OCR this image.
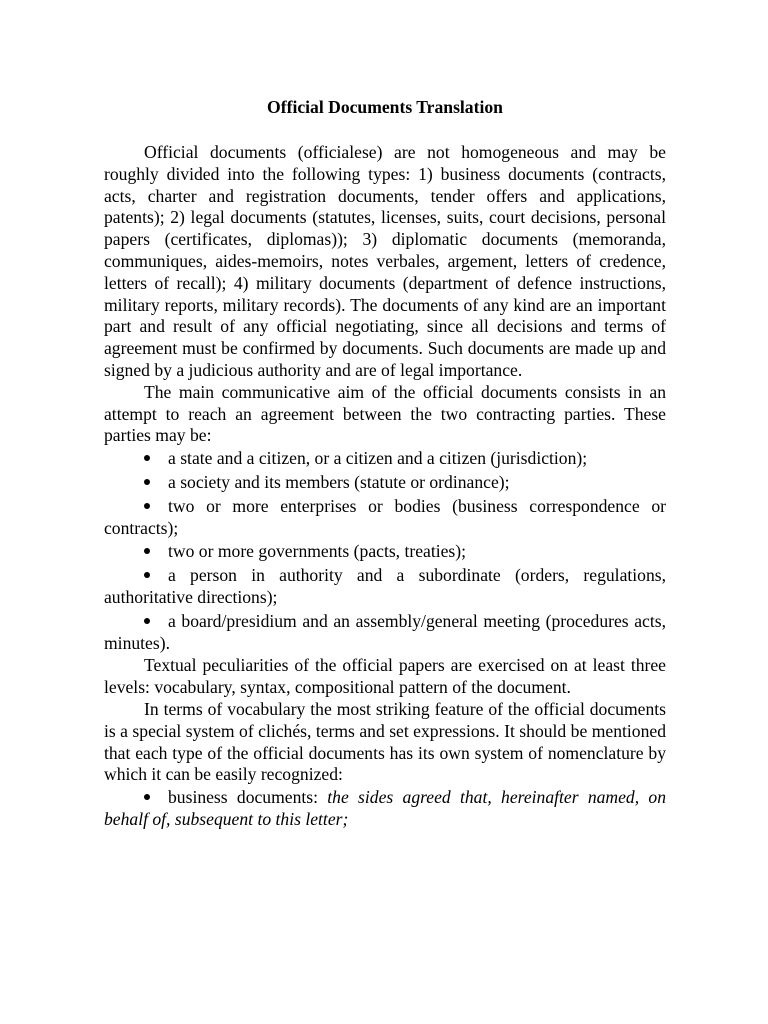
Official Documents Translation

Official documents (officialese) are not homogeneous and may be roughly divided into the following types: 1) business documents (contracts, acts, charter and registration documents, tender offers and applications, patents); 2) legal documents (statutes, licenses, suits, court decisions, personal papers (certificates, diplomas)); 3) diplomatic documents (memoranda, communiques, aides-memoirs, notes verbales, argement, letters of credence, letters of recall); 4) military documents (department of defence instructions, military reports, military records). The documents of any kind are an important part and result of any official negotiating, since all decisions and terms of agreement must be confirmed by documents. Such documents are made up and signed by a judicious authority and are of legal importance.

The main communicative aim of the official documents consists in an attempt to reach an agreement between the two contracting parties. These parties may be:

a state and a citizen, or a citizen and a citizen (jurisdiction);

a society and its members (statute or ordinance);

two or more enterprises or bodies (business correspondence or contracts);

two or more governments (pacts, treaties);

a person in authority and a subordinate (orders, regulations, authoritative directions);

a board/presidium and an assembly/general meeting (procedures acts, minutes).

Textual peculiarities of the official papers are exercised on at least three levels: vocabulary, syntax, compositional pattern of the document.

In terms of vocabulary the most striking feature of the official documents is a special system of clichés, terms and set expressions. It should be mentioned that each type of the official documents has its own system of nomenclature by which it can be easily recognized:

business documents: the sides agreed that, hereinafter named, on behalf of, subsequent to this letter;
